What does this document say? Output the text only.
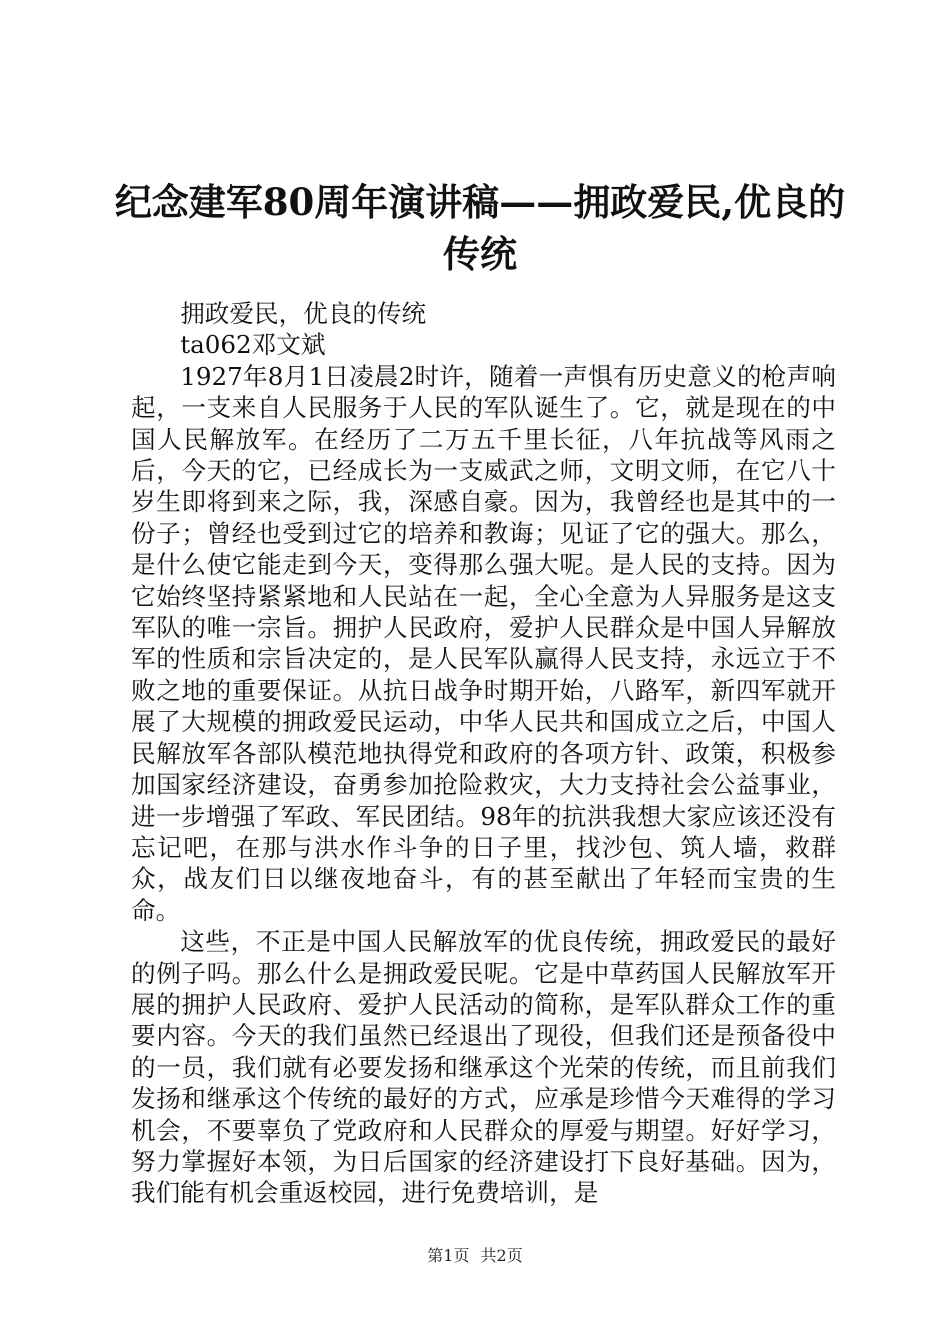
纪念建军80周年演讲稿——拥政爱民,优良的传统

拥政爱民，优良的传统

ta062邓文斌

1927年8月1日凌晨2时许，随着一声惧有历史意义的枪声响起，一支来自人民服务于人民的军队诞生了。它，就是现在的中国人民解放军。在经历了二万五千里长征，八年抗战等风雨之后，今天的它，已经成长为一支威武之师，文明文师，在它八十岁生即将到来之际，我，深感自豪。因为，我曾经也是其中的一份子；曾经也受到过它的培养和教诲；见证了它的强大。那么，是什么使它能走到今天，变得那么强大呢。是人民的支持。因为它始终坚持紧紧地和人民站在一起，全心全意为人异服务是这支军队的唯一宗旨。拥护人民政府，爱护人民群众是中国人异解放军的性质和宗旨决定的，是人民军队赢得人民支持，永远立于不败之地的重要保证。从抗日战争时期开始，八路军，新四军就开展了大规模的拥政爱民运动，中华人民共和国成立之后，中国人民解放军各部队模范地执得党和政府的各项方针、政策，积极参加国家经济建设，奋勇参加抢险救灾，大力支持社会公益事业，进一步增强了军政、军民团结。98年的抗洪我想大家应该还没有忘记吧，在那与洪水作斗争的日子里，找沙包、筑人墙，救群众，战友们日以继夜地奋斗，有的甚至献出了年轻而宝贵的生命。

这些，不正是中国人民解放军的优良传统，拥政爱民的最好的例子吗。那么什么是拥政爱民呢。它是中草药国人民解放军开展的拥护人民政府、爱护人民活动的简称，是军队群众工作的重要内容。今天的我们虽然已经退出了现役，但我们还是预备役中的一员，我们就有必要发扬和继承这个光荣的传统，而且前我们发扬和继承这个传统的最好的方式，应承是珍惜今天难得的学习机会，不要辜负了党政府和人民群众的厚爱与期望。好好学习，努力掌握好本领，为日后国家的经济建设打下良好基础。因为，我们能有机会重返校园，进行免费培训，是

第1页 共2页
